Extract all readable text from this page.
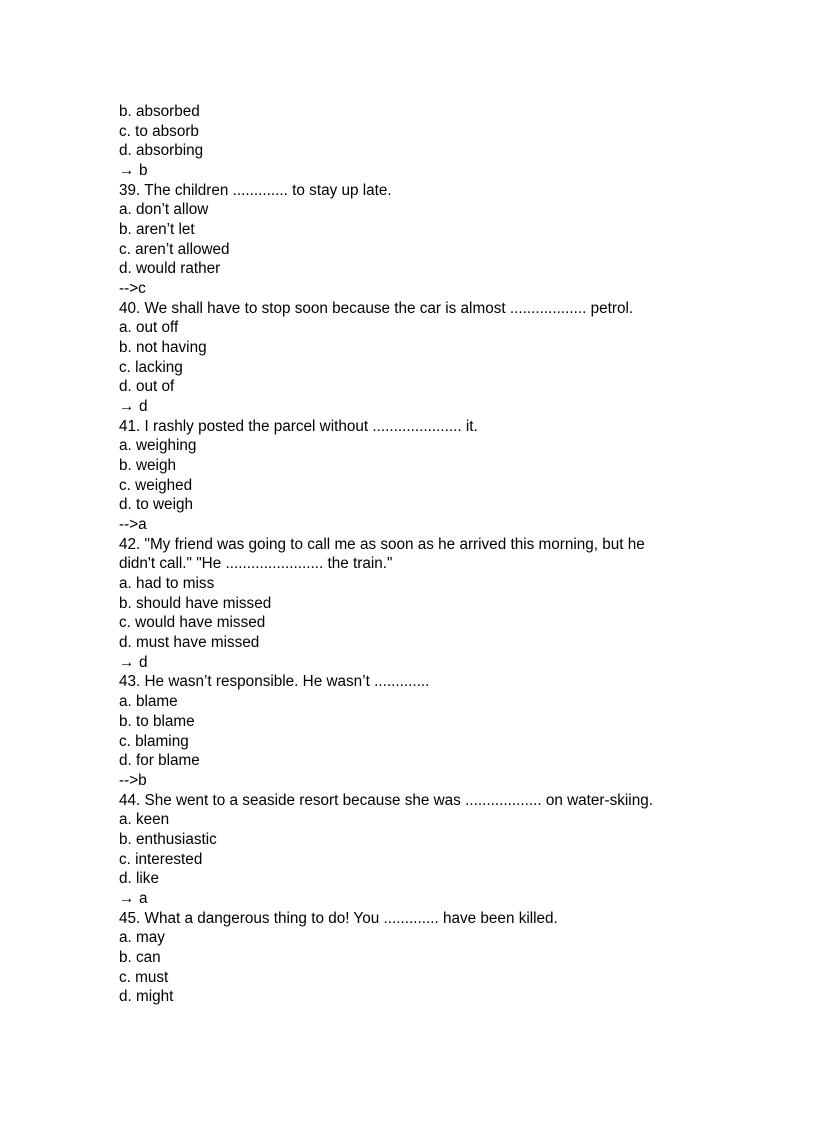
b. absorbed
c. to absorb
d. absorbing
→ b
39. The children ............. to stay up late.
a. don’t allow
b. aren’t let
c. aren’t allowed
d. would rather
-->c
40. We shall have to stop soon because the car is almost .................. petrol.
a. out off
b. not having
c. lacking
d. out of
→ d
41. I rashly posted the parcel without ..................... it.
a. weighing
b. weigh
c. weighed
d. to weigh
-->a
42. "My friend was going to call me as soon as he arrived this morning, but he
didn't call." "He ....................... the train."
a. had to miss
b. should have missed
c. would have missed
d. must have missed
→ d
43. He wasn’t responsible. He wasn’t .............
a. blame
b. to blame
c. blaming
d. for blame
-->b
44. She went to a seaside resort because she was .................. on water-skiing.
a. keen
b. enthusiastic
c. interested
d. like
→ a
45. What a dangerous thing to do! You ............. have been killed.
a. may
b. can
c. must
d. might
